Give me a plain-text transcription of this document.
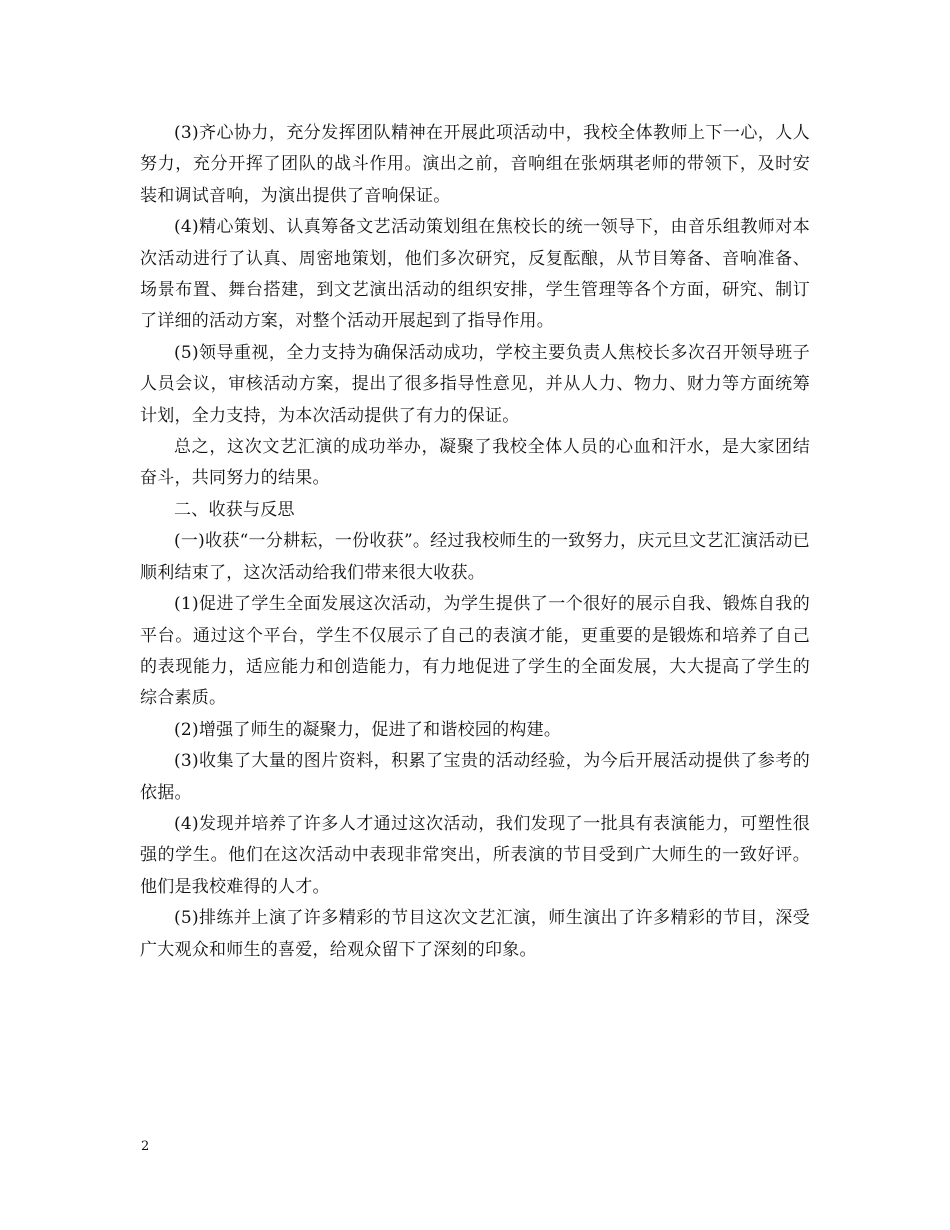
(3)齐心协力，充分发挥团队精神在开展此项活动中，我校全体教师上下一心，人人努力，充分开挥了团队的战斗作用。演出之前，音响组在张炳琪老师的带领下，及时安装和调试音响，为演出提供了音响保证。

(4)精心策划、认真筹备文艺活动策划组在焦校长的统一领导下，由音乐组教师对本次活动进行了认真、周密地策划，他们多次研究，反复酝酿，从节目筹备、音响准备、场景布置、舞台搭建，到文艺演出活动的组织安排，学生管理等各个方面，研究、制订了详细的活动方案，对整个活动开展起到了指导作用。

(5)领导重视，全力支持为确保活动成功，学校主要负责人焦校长多次召开领导班子人员会议，审核活动方案，提出了很多指导性意见，并从人力、物力、财力等方面统筹计划，全力支持，为本次活动提供了有力的保证。

总之，这次文艺汇演的成功举办，凝聚了我校全体人员的心血和汗水，是大家团结奋斗，共同努力的结果。

二、收获与反思

(一)收获“一分耕耘，一份收获”。经过我校师生的一致努力，庆元旦文艺汇演活动已顺利结束了，这次活动给我们带来很大收获。

(1)促进了学生全面发展这次活动，为学生提供了一个很好的展示自我、锻炼自我的平台。通过这个平台，学生不仅展示了自己的表演才能，更重要的是锻炼和培养了自己的表现能力，适应能力和创造能力，有力地促进了学生的全面发展，大大提高了学生的综合素质。

(2)增强了师生的凝聚力，促进了和谐校园的构建。

(3)收集了大量的图片资料，积累了宝贵的活动经验，为今后开展活动提供了参考的依据。

(4)发现并培养了许多人才通过这次活动，我们发现了一批具有表演能力，可塑性很强的学生。他们在这次活动中表现非常突出，所表演的节目受到广大师生的一致好评。他们是我校难得的人才。

(5)排练并上演了许多精彩的节目这次文艺汇演，师生演出了许多精彩的节目，深受广大观众和师生的喜爱，给观众留下了深刻的印象。

2
